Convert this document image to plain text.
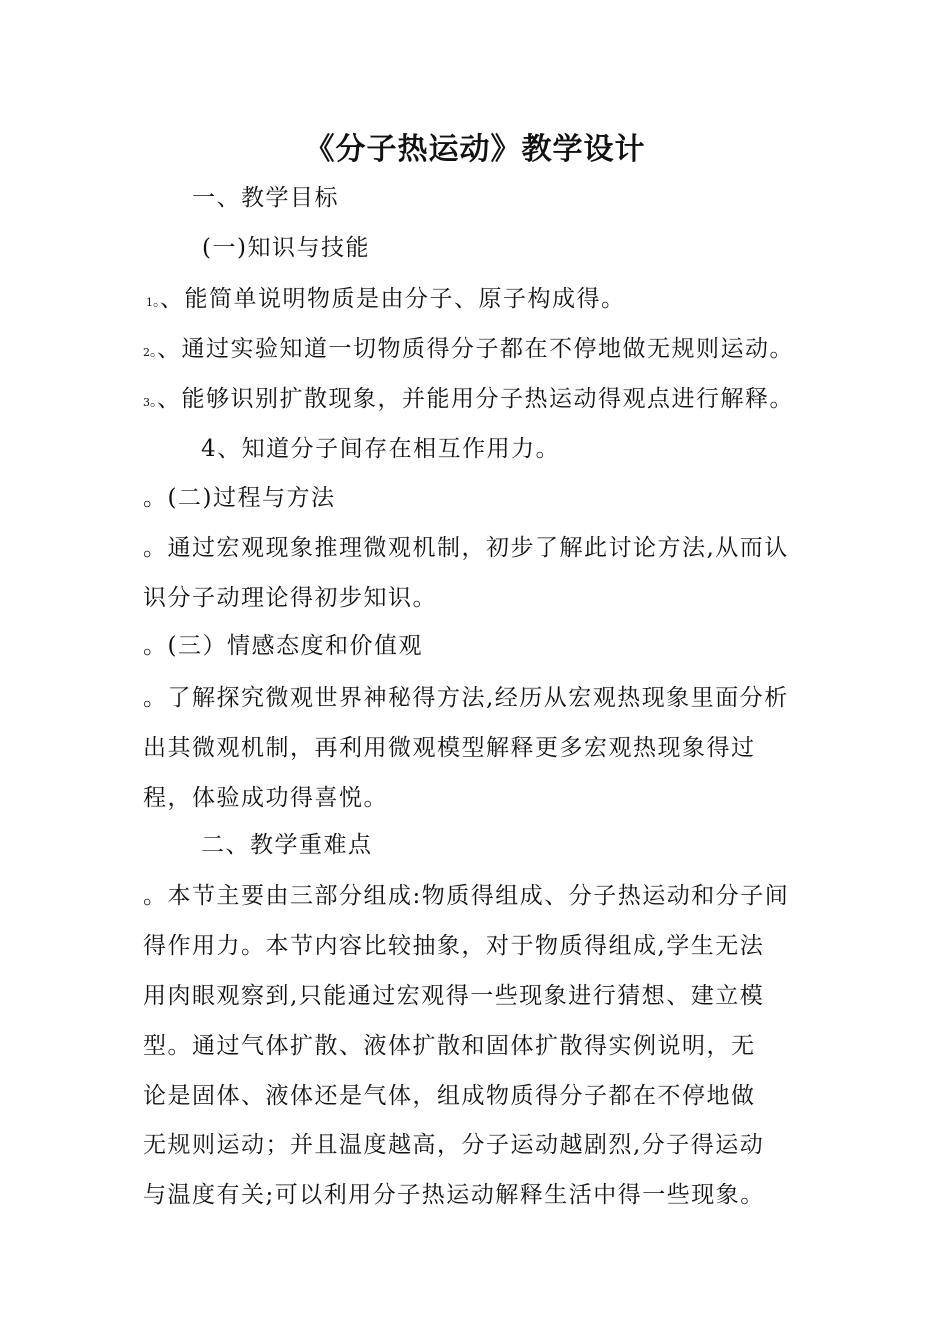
《分子热运动》教学设计
一、教学目标
(一)知识与技能
1。、能简单说明物质是由分子、原子构成得。
2。、通过实验知道一切物质得分子都在不停地做无规则运动。
3。、能够识别扩散现象，并能用分子热运动得观点进行解释。
4、知道分子间存在相互作用力。
。(二)过程与方法
。通过宏观现象推理微观机制，初步了解此讨论方法,从而认
识分子动理论得初步知识。
。(三）情感态度和价值观
。了解探究微观世界神秘得方法,经历从宏观热现象里面分析
出其微观机制，再利用微观模型解释更多宏观热现象得过
程，体验成功得喜悦。
二、教学重难点
。本节主要由三部分组成:物质得组成、分子热运动和分子间
得作用力。本节内容比较抽象，对于物质得组成,学生无法
用肉眼观察到,只能通过宏观得一些现象进行猜想、建立模
型。通过气体扩散、液体扩散和固体扩散得实例说明，无
论是固体、液体还是气体，组成物质得分子都在不停地做
无规则运动；并且温度越高，分子运动越剧烈,分子得运动
与温度有关;可以利用分子热运动解释生活中得一些现象。
